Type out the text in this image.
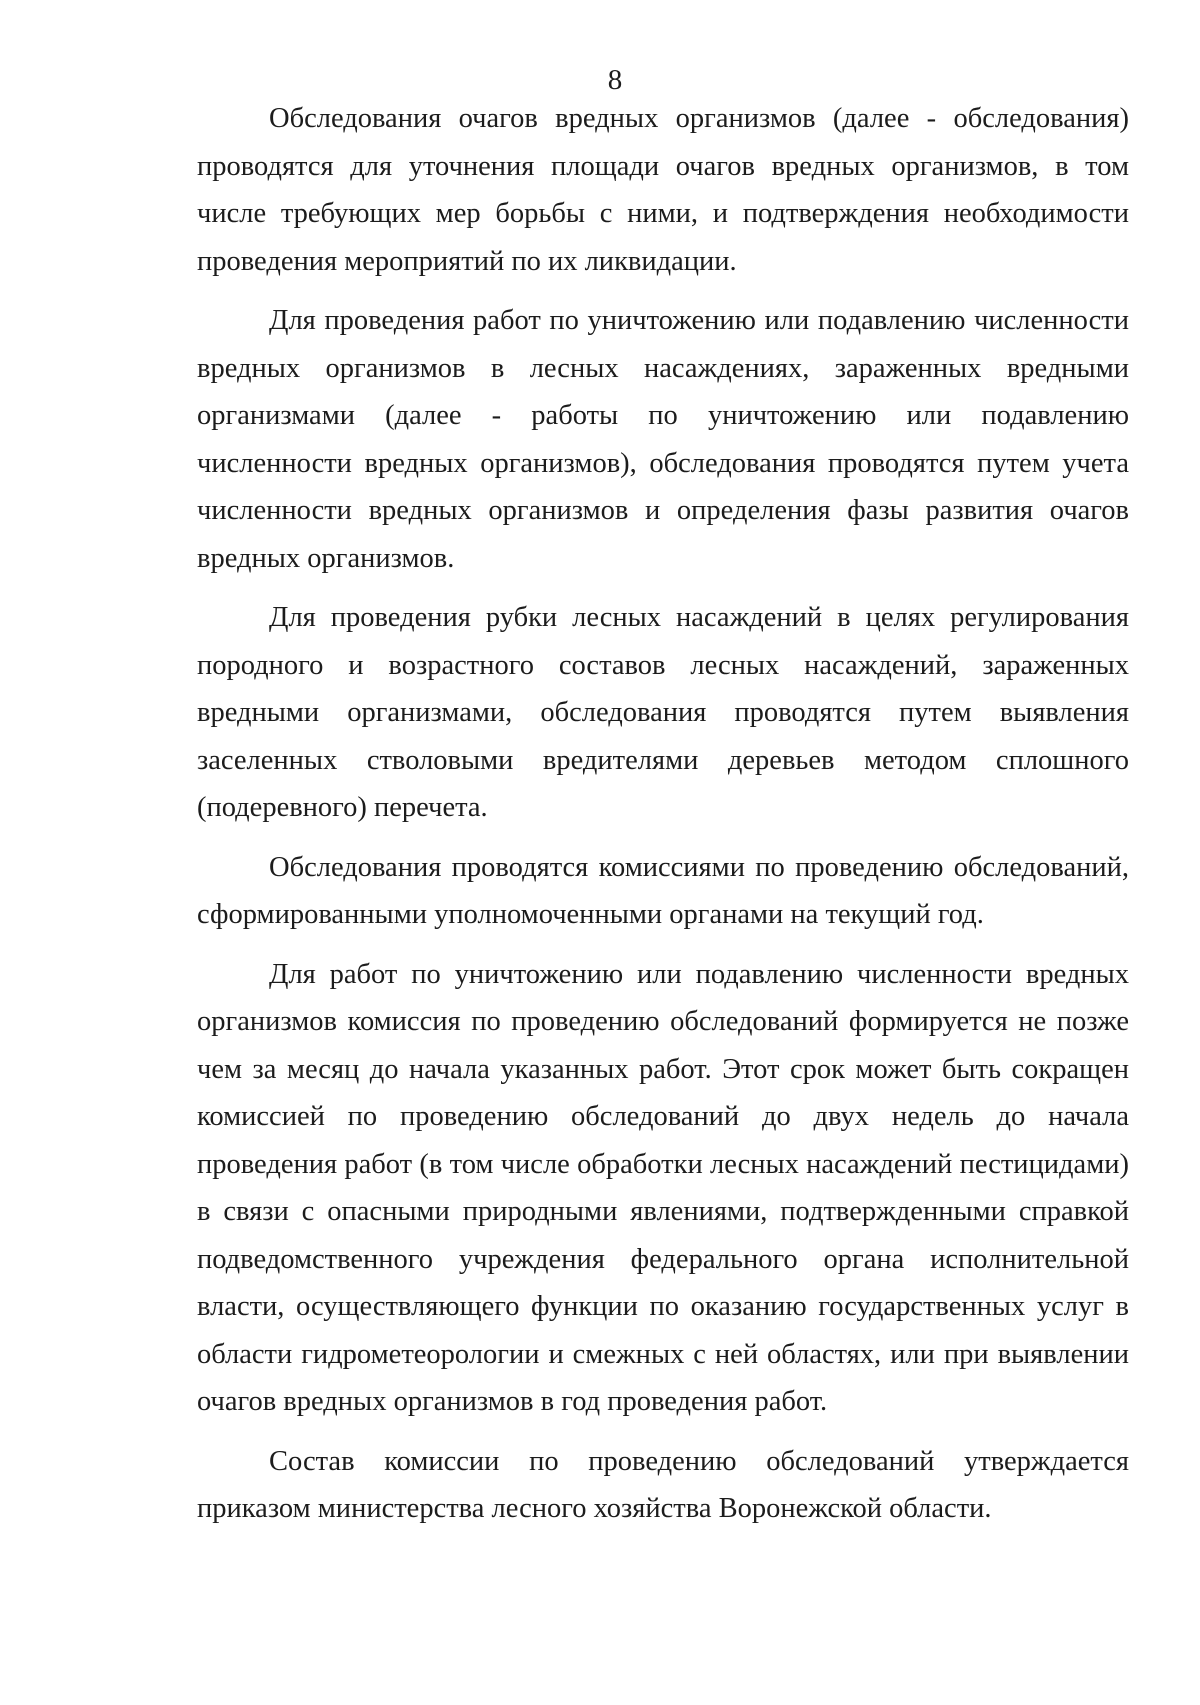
8

Обследования очагов вредных организмов (далее - обследования) проводятся для уточнения площади очагов вредных организмов, в том числе требующих мер борьбы с ними, и подтверждения необходимости проведения мероприятий по их ликвидации.

Для проведения работ по уничтожению или подавлению численности вредных организмов в лесных насаждениях, зараженных вредными организмами (далее - работы по уничтожению или подавлению численности вредных организмов), обследования проводятся путем учета численности вредных организмов и определения фазы развития очагов вредных организмов.

Для проведения рубки лесных насаждений в целях регулирования породного и возрастного составов лесных насаждений, зараженных вредными организмами, обследования проводятся путем выявления заселенных стволовыми вредителями деревьев методом сплошного (подеревного) перечета.

Обследования проводятся комиссиями по проведению обследований, сформированными уполномоченными органами на текущий год.

Для работ по уничтожению или подавлению численности вредных организмов комиссия по проведению обследований формируется не позже чем за месяц до начала указанных работ. Этот срок может быть сокращен комиссией по проведению обследований до двух недель до начала проведения работ (в том числе обработки лесных насаждений пестицидами) в связи с опасными природными явлениями, подтвержденными справкой подведомственного учреждения федерального органа исполнительной власти, осуществляющего функции по оказанию государственных услуг в области гидрометеорологии и смежных с ней областях, или при выявлении очагов вредных организмов в год проведения работ.

Состав комиссии по проведению обследований утверждается приказом министерства лесного хозяйства Воронежской области.
